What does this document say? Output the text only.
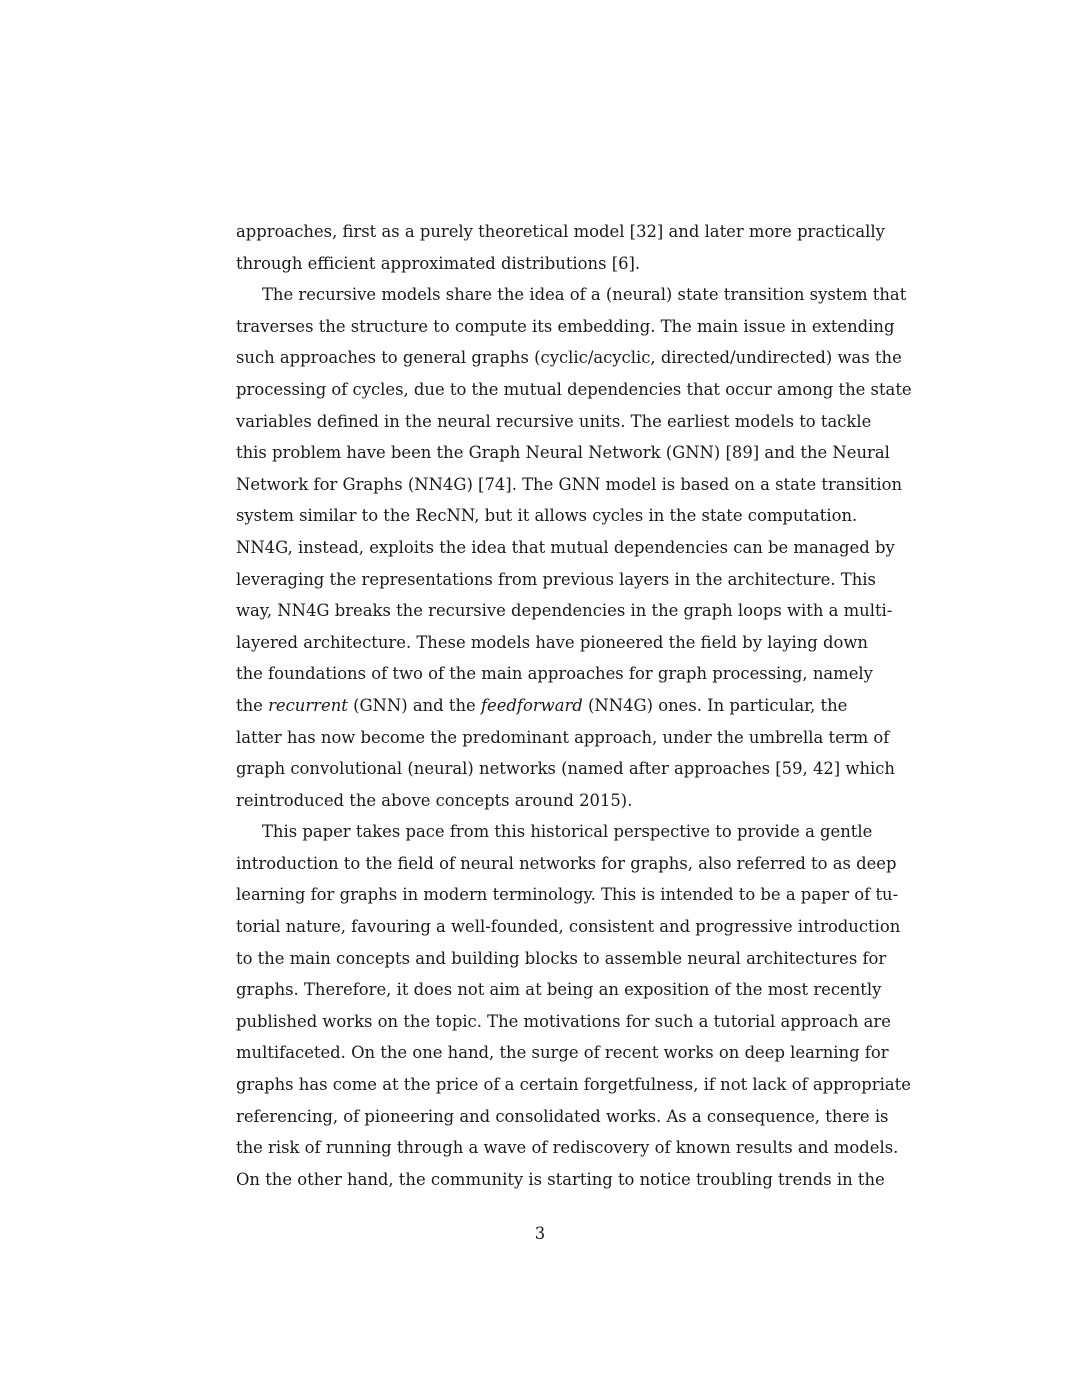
approaches, first as a purely theoretical model [32] and later more practically
through efficient approximated distributions [6].
The recursive models share the idea of a (neural) state transition system that
traverses the structure to compute its embedding. The main issue in extending
such approaches to general graphs (cyclic/acyclic, directed/undirected) was the
processing of cycles, due to the mutual dependencies that occur among the state
variables defined in the neural recursive units. The earliest models to tackle
this problem have been the Graph Neural Network (GNN) [89] and the Neural
Network for Graphs (NN4G) [74]. The GNN model is based on a state transition
system similar to the RecNN, but it allows cycles in the state computation.
NN4G, instead, exploits the idea that mutual dependencies can be managed by
leveraging the representations from previous layers in the architecture. This
way, NN4G breaks the recursive dependencies in the graph loops with a multi-
layered architecture. These models have pioneered the field by laying down
the foundations of two of the main approaches for graph processing, namely
the recurrent (GNN) and the feedforward (NN4G) ones. In particular, the
latter has now become the predominant approach, under the umbrella term of
graph convolutional (neural) networks (named after approaches [59, 42] which
reintroduced the above concepts around 2015).
This paper takes pace from this historical perspective to provide a gentle
introduction to the field of neural networks for graphs, also referred to as deep
learning for graphs in modern terminology. This is intended to be a paper of tu-
torial nature, favouring a well-founded, consistent and progressive introduction
to the main concepts and building blocks to assemble neural architectures for
graphs. Therefore, it does not aim at being an exposition of the most recently
published works on the topic. The motivations for such a tutorial approach are
multifaceted. On the one hand, the surge of recent works on deep learning for
graphs has come at the price of a certain forgetfulness, if not lack of appropriate
referencing, of pioneering and consolidated works. As a consequence, there is
the risk of running through a wave of rediscovery of known results and models.
On the other hand, the community is starting to notice troubling trends in the
3
